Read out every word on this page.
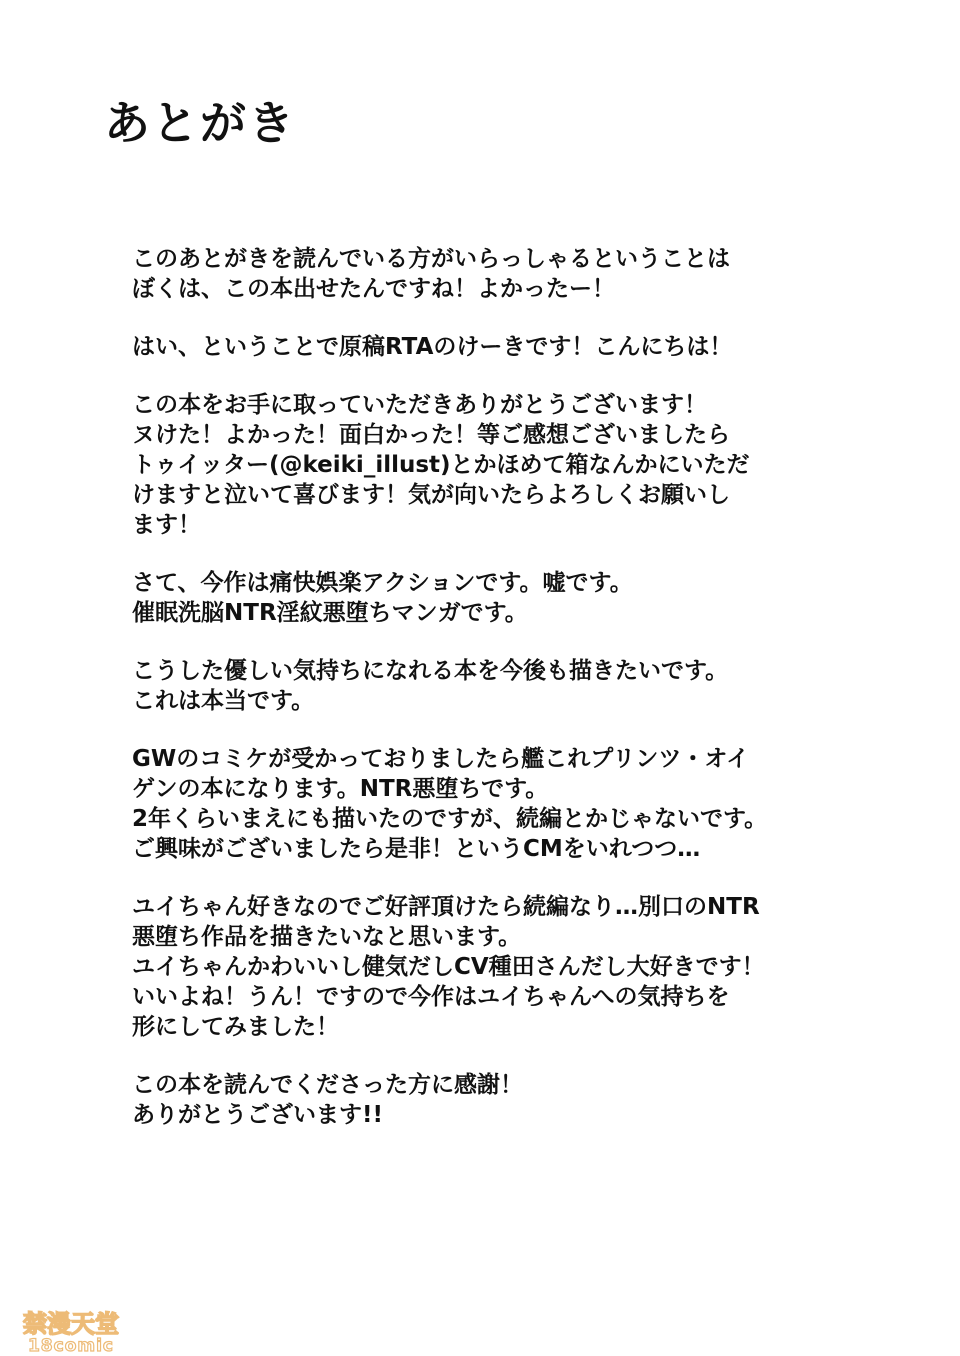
あとがき
このあとがきを読んでいる方がいらっしゃるということは
ぼくは、この本出せたんですね！よかったー！
はい、ということで原稿RTAのけーきです！こんにちは！
この本をお手に取っていただきありがとうございます！
ヌけた！よかった！面白かった！等ご感想ございましたら
トゥイッター(@keiki_illust)とかほめて箱なんかにいただ
けますと泣いて喜びます！気が向いたらよろしくお願いし
ます！
さて、今作は痛快娯楽アクションです。嘘です。
催眠洗脳NTR淫紋悪堕ちマンガです。
こうした優しい気持ちになれる本を今後も描きたいです。
これは本当です。
GWのコミケが受かっておりましたら艦これプリンツ・オイ
ゲンの本になります。NTR悪堕ちです。
2年くらいまえにも描いたのですが、続編とかじゃないです。
ご興味がございましたら是非！というCMをいれつつ…
ユイちゃん好きなのでご好評頂けたら続編なり…別口のNTR
悪堕ち作品を描きたいなと思います。
ユイちゃんかわいいし健気だしCV種田さんだし大好きです！
いいよね！うん！ですので今作はユイちゃんへの気持ちを
形にしてみました！
この本を読んでくださった方に感謝！
ありがとうございます!!
禁漫天堂
18comic
